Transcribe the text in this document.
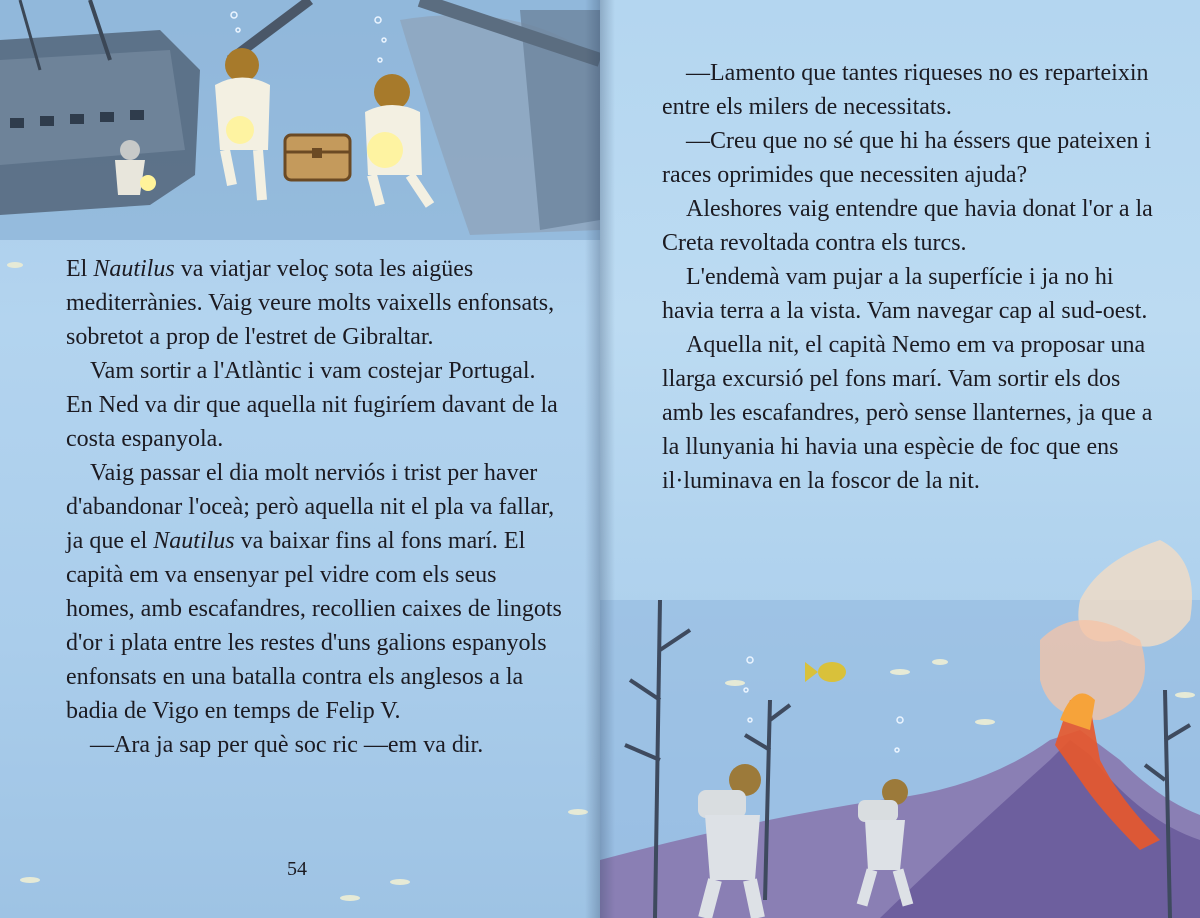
El Nautilus va viatjar veloç sota les aigües mediterrànies. Vaig veure molts vaixells enfonsats, sobretot a prop de l'estret de Gibraltar.

Vam sortir a l'Atlàntic i vam costejar Portugal. En Ned va dir que aquella nit fugiríem davant de la costa espanyola.

Vaig passar el dia molt nerviós i trist per haver d'abandonar l'oceà; però aquella nit el pla va fallar, ja que el Nautilus va baixar fins al fons marí. El capità em va ensenyar pel vidre com els seus homes, amb escafandres, recollien caixes de lingots d'or i plata entre les restes d'uns galions espanyols enfonsats en una batalla contra els anglesos a la badia de Vigo en temps de Felip V.

—Ara ja sap per què soc ric —em va dir.

54

—Lamento que tantes riqueses no es reparteixin entre els milers de necessitats.

—Creu que no sé que hi ha éssers que pateixen i races oprimides que necessiten ajuda?

Aleshores vaig entendre que havia donat l'or a la Creta revoltada contra els turcs.

L'endemà vam pujar a la superfície i ja no hi havia terra a la vista. Vam navegar cap al sud-oest.

Aquella nit, el capità Nemo em va proposar una llarga excursió pel fons marí. Vam sortir els dos amb les escafandres, però sense llanternes, ja que a la llunyania hi havia una espècie de foc que ens il·luminava en la foscor de la nit.
